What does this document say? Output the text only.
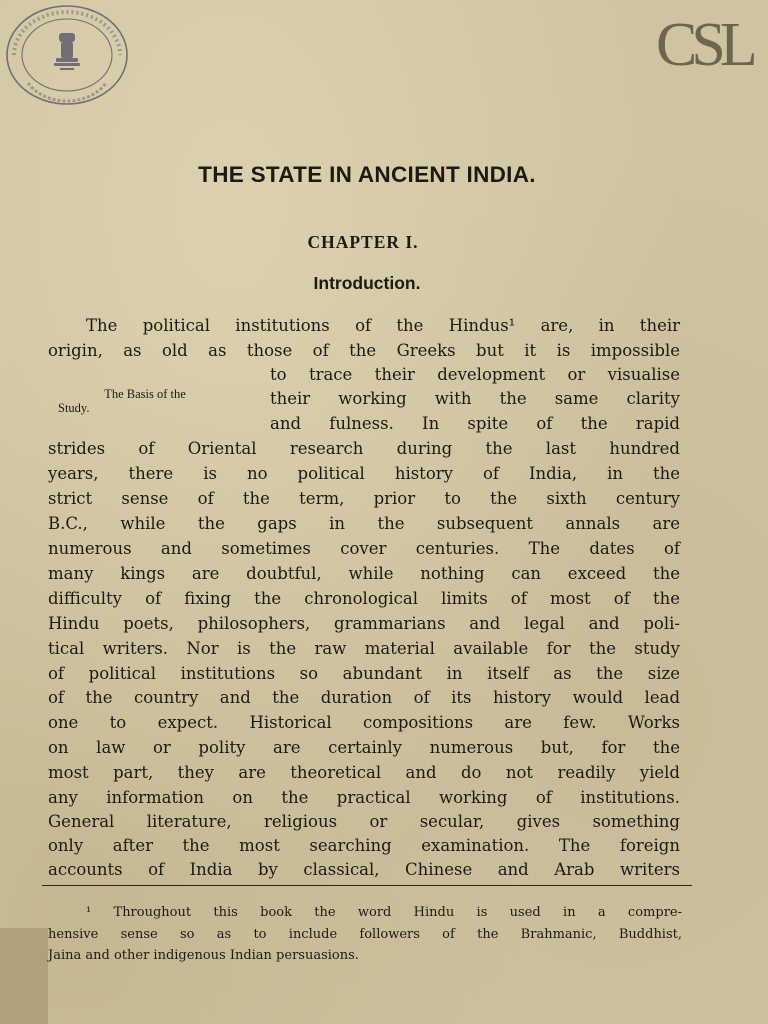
CSL
THE STATE IN ANCIENT INDIA.
CHAPTER I.
Introduction.
The Basis of the
Study.
The political institutions of the Hindus¹ are, in their
origin, as old as those of the Greeks but it is impossible
to trace their development or visualise
their working with the same clarity
and fulness. In spite of the rapid
strides of Oriental research during the last hundred
years, there is no political history of India, in the
strict sense of the term, prior to the sixth century
B.C., while the gaps in the subsequent annals are
numerous and sometimes cover centuries. The dates of
many kings are doubtful, while nothing can exceed the
difficulty of fixing the chronological limits of most of the
Hindu poets, philosophers, grammarians and legal and poli-
tical writers. Nor is the raw material available for the study
of political institutions so abundant in itself as the size
of the country and the duration of its history would lead
one to expect. Historical compositions are few. Works
on law or polity are certainly numerous but, for the
most part, they are theoretical and do not readily yield
any information on the practical working of institutions.
General literature, religious or secular, gives something
only after the most searching examination. The foreign
accounts of India by classical, Chinese and Arab writers
¹ Throughout this book the word Hindu is used in a compre-
hensive sense so as to include followers of the Brahmanic, Buddhist,
Jaina and other indigenous Indian persuasions.
